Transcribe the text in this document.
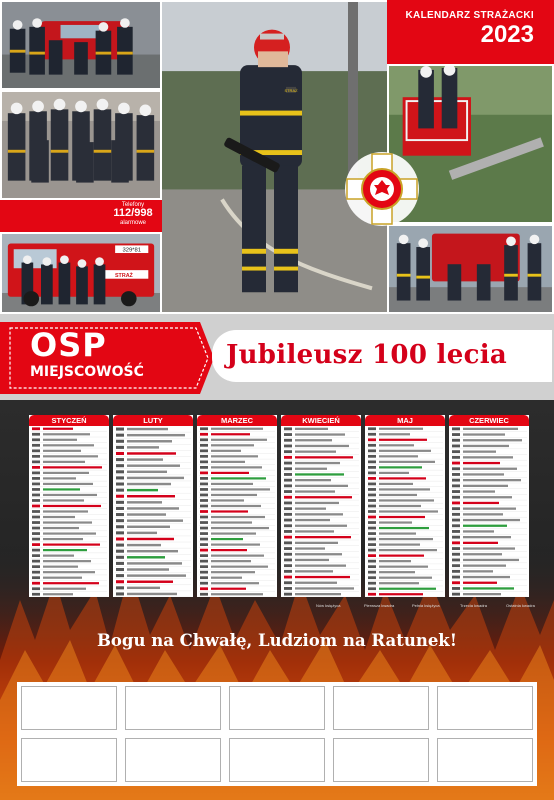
329*81
STRAŻ
Telefony
112/998
alarmowe
STRAŻ
KALENDARZ STRAŻACKI
2023
OSP
MIEJSCOWOŚĆ
Jubileusz 100 lecia
STYCZEŃ	LUTY	MARZEC	KWIECIEŃ	MAJ	CZERWIEC
Nów księżyca	Pierwsza kwadra	Pełnia księżyca	Trzecia kwadra	Ostatnia kwadra
Bogu na Chwałę, Ludziom na Ratunek!
